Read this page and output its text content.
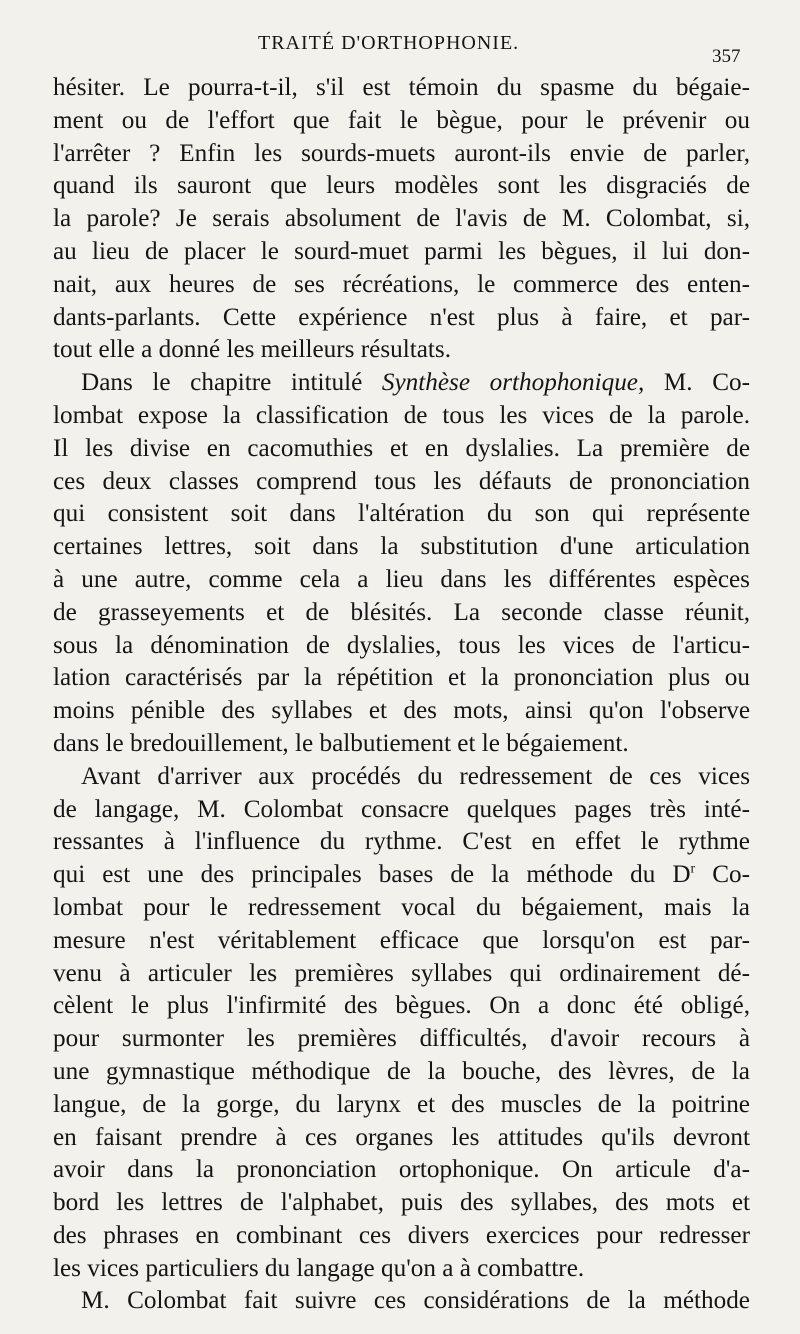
TRAITÉ D'ORTHOPHONIE.
357
hésiter. Le pourra-t-il, s'il est témoin du spasme du bégaie-
ment ou de l'effort que fait le bègue, pour le prévenir ou
l'arrêter ? Enfin les sourds-muets auront-ils envie de parler,
quand ils sauront que leurs modèles sont les disgraciés de
la parole? Je serais absolument de l'avis de M. Colombat, si,
au lieu de placer le sourd-muet parmi les bègues, il lui don-
nait, aux heures de ses récréations, le commerce des enten-
dants-parlants. Cette expérience n'est plus à faire, et par-
tout elle a donné les meilleurs résultats.
Dans le chapitre intitulé Synthèse orthophonique, M. Co-
lombat expose la classification de tous les vices de la parole.
Il les divise en cacomuthies et en dyslalies. La première de
ces deux classes comprend tous les défauts de prononciation
qui consistent soit dans l'altération du son qui représente
certaines lettres, soit dans la substitution d'une articulation
à une autre, comme cela a lieu dans les différentes espèces
de grasseyements et de blésités. La seconde classe réunit,
sous la dénomination de dyslalies, tous les vices de l'articu-
lation caractérisés par la répétition et la prononciation plus ou
moins pénible des syllabes et des mots, ainsi qu'on l'observe
dans le bredouillement, le balbutiement et le bégaiement.
Avant d'arriver aux procédés du redressement de ces vices
de langage, M. Colombat consacre quelques pages très inté-
ressantes à l'influence du rythme. C'est en effet le rythme
qui est une des principales bases de la méthode du $D^r$ Co-
lombat pour le redressement vocal du bégaiement, mais la
mesure n'est véritablement efficace que lorsqu'on est par-
venu à articuler les premières syllabes qui ordinairement dé-
cèlent le plus l'infirmité des bègues. On a donc été obligé,
pour surmonter les premières difficultés, d'avoir recours à
une gymnastique méthodique de la bouche, des lèvres, de la
langue, de la gorge, du larynx et des muscles de la poitrine
en faisant prendre à ces organes les attitudes qu'ils devront
avoir dans la prononciation ortophonique. On articule d'a-
bord les lettres de l'alphabet, puis des syllabes, des mots et
des phrases en combinant ces divers exercices pour redresser
les vices particuliers du langage qu'on a à combattre.
M. Colombat fait suivre ces considérations de la méthode
